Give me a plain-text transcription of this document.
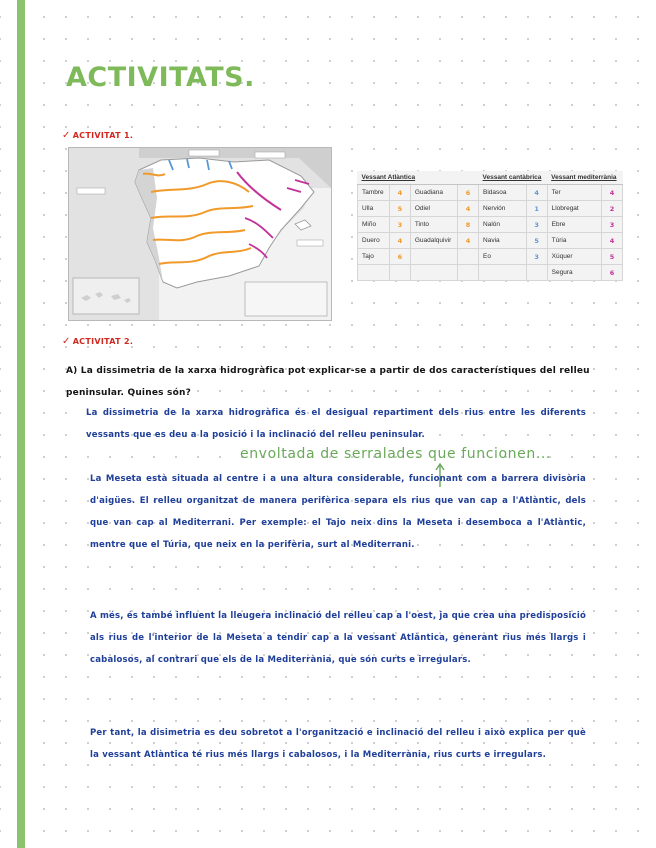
ACTIVITATS.
✓ ACTIVITAT 1.
Vessant Atlàntica				Vessant cantàbrica		Vessant mediterrània	
Tambre	4	Guadiana	6	Bidasoa	4	Ter	4
Ulla	5	Odiel	4	Nervión	1	Llobregat	2
Miño	3	Tinto	8	Nalón	3	Ebre	3
Duero	4	Guadalquivir	4	Navia	5	Túria	4
Tajo	6			Eo	3	Xúquer	5
						Segura	6
✓ ACTIVITAT 2.

A) La dissimetria de la xarxa hidrogràfica pot explicar-se a partir de dos característiques del relleu peninsular. Quines són?

La dissimetria de la xarxa hidrogràfica és el desigual repartiment dels rius entre les diferents vessants que es deu a la posició i la inclinació del relleu peninsular.

envoltada de serralades que funcionen...

La Meseta està situada al centre i a una altura considerable, funcionant com a barrera divisòria d'aigües. El relleu organitzat de manera perifèrica separa els rius que van cap a l'Atlàntic, dels que van cap al Mediterrani. Per exemple: el Tajo neix dins la Meseta i desemboca a l'Atlàntic, mentre que el Túria, que neix en la perifèria, surt al Mediterrani.

A més, és també influent la lleugera inclinació del relleu cap a l'oest, ja que crea una predisposició als rius de l'interior de la Meseta a tendir cap a la vessant Atlàntica, generant rius més llargs i cabalosos, al contrari que els de la Mediterrània, que són curts e irregulars.

Per tant, la disimetria es deu sobretot a l'organització e inclinació del relleu i això explica per què la vessant Atlàntica té rius més llargs i cabalosos, i la Mediterrània, rius curts e irregulars.
